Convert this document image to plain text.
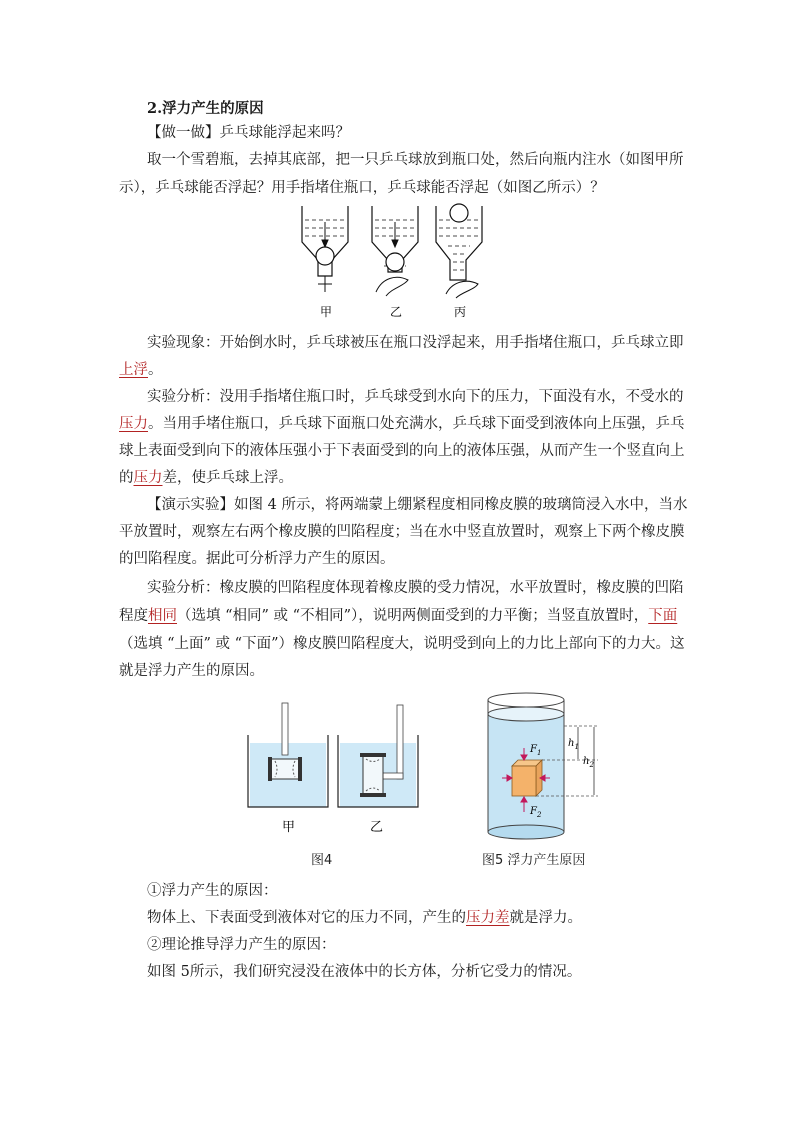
2.浮力产生的原因
【做一做】乒乓球能浮起来吗？
取一个雪碧瓶，去掉其底部，把一只乒乓球放到瓶口处，然后向瓶内注水（如图甲所
示），乒乓球能否浮起？用手指堵住瓶口，乒乓球能否浮起（如图乙所示）？
甲	乙	丙
实验现象：开始倒水时，乒乓球被压在瓶口没浮起来，用手指堵住瓶口，乒乓球立即
上浮。
实验分析：没用手指堵住瓶口时，乒乓球受到水向下的压力，下面没有水，不受水的
压力。当用手堵住瓶口，乒乓球下面瓶口处充满水，乒乓球下面受到液体向上压强，乒乓
球上表面受到向下的液体压强小于下表面受到的向上的液体压强，从而产生一个竖直向上
的压力差，使乒乓球上浮。
【演示实验】如图 4 所示，将两端蒙上绷紧程度相同橡皮膜的玻璃筒浸入水中，当水
平放置时，观察左右两个橡皮膜的凹陷程度；当在水中竖直放置时，观察上下两个橡皮膜
的凹陷程度。据此可分析浮力产生的原因。
实验分析：橡皮膜的凹陷程度体现着橡皮膜的受力情况，水平放置时，橡皮膜的凹陷
程度相同（选填 “相同” 或 “不相同”），说明两侧面受到的力平衡；当竖直放置时，下面
（选填 “上面” 或 “下面”）橡皮膜凹陷程度大，说明受到向上的力比上部向下的力大。这
就是浮力产生的原因。
甲	乙
图4
$F_1$
$F_2$
$h_1$
$h_2$
图5 浮力产生原因
①浮力产生的原因：
物体上、下表面受到液体对它的压力不同，产生的压力差就是浮力。
②理论推导浮力产生的原因：
如图 5所示，我们研究浸没在液体中的长方体，分析它受力的情况。
